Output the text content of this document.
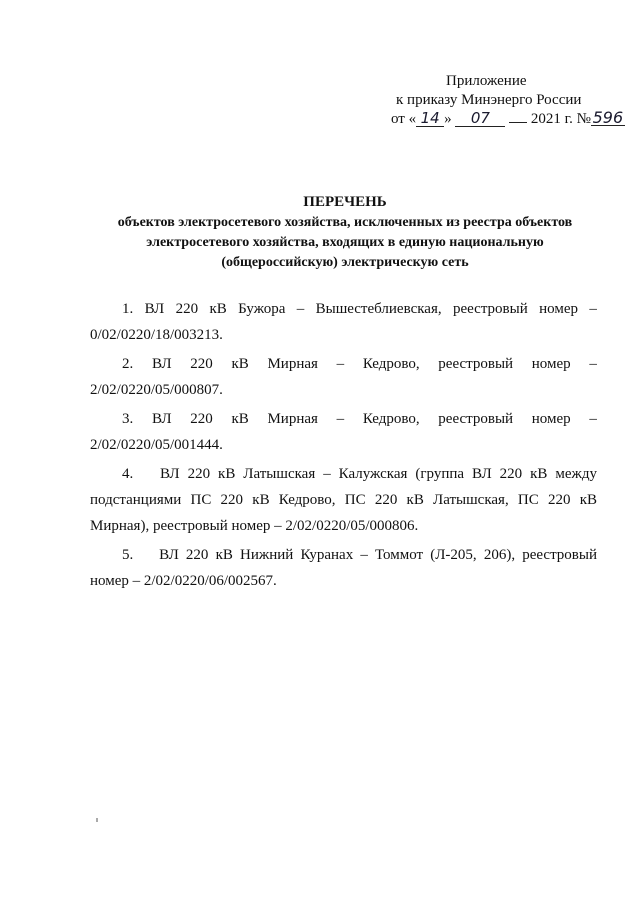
Приложение
к приказу Минэнерго России
от « 14 » 07	2021 г. № 596
ПЕРЕЧЕНЬ
объектов электросетевого хозяйства, исключенных из реестра объектов
электросетевого хозяйства, входящих в единую национальную
(общероссийскую) электрическую сеть
1. ВЛ 220 кВ Бужора – Вышестеблиевская, реестровый номер –
0/02/0220/18/003213.
2. ВЛ 220 кВ Мирная – Кедрово, реестровый номер –
2/02/0220/05/000807.
3. ВЛ 220 кВ Мирная – Кедрово, реестровый номер –
2/02/0220/05/001444.
4. ВЛ 220 кВ Латышская – Калужская (группа ВЛ 220 кВ между
подстанциями ПС 220 кВ Кедрово, ПС 220 кВ Латышская, ПС 220 кВ
Мирная), реестровый номер – 2/02/0220/05/000806.
5. ВЛ 220 кВ Нижний Куранах – Томмот (Л-205, 206), реестровый
номер – 2/02/0220/06/002567.
